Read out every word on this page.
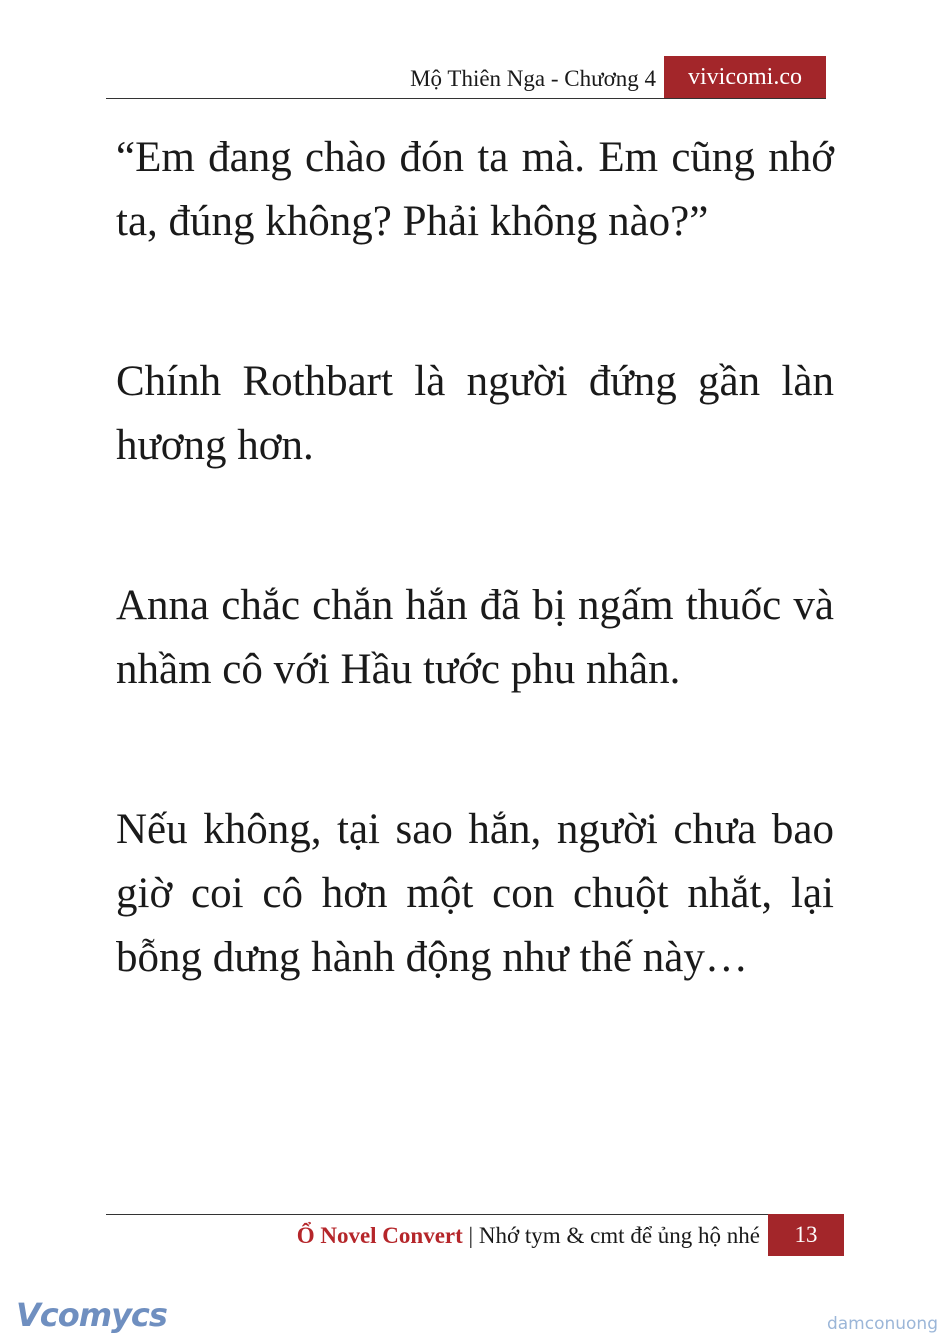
Mộ Thiên Nga - Chương 4	vivicomi.co

“Em đang chào đón ta mà. Em cũng nhớ ta, đúng không? Phải không nào?”

Chính Rothbart là người đứng gần làn hương hơn.

Anna chắc chắn hắn đã bị ngấm thuốc và nhầm cô với Hầu tước phu nhân.

Nếu không, tại sao hắn, người chưa bao giờ coi cô hơn một con chuột nhắt, lại bỗng dưng hành động như thế này…

Ổ Novel Convert | Nhớ tym & cmt để ủng hộ nhé	13
Vcomycs	damconuong
